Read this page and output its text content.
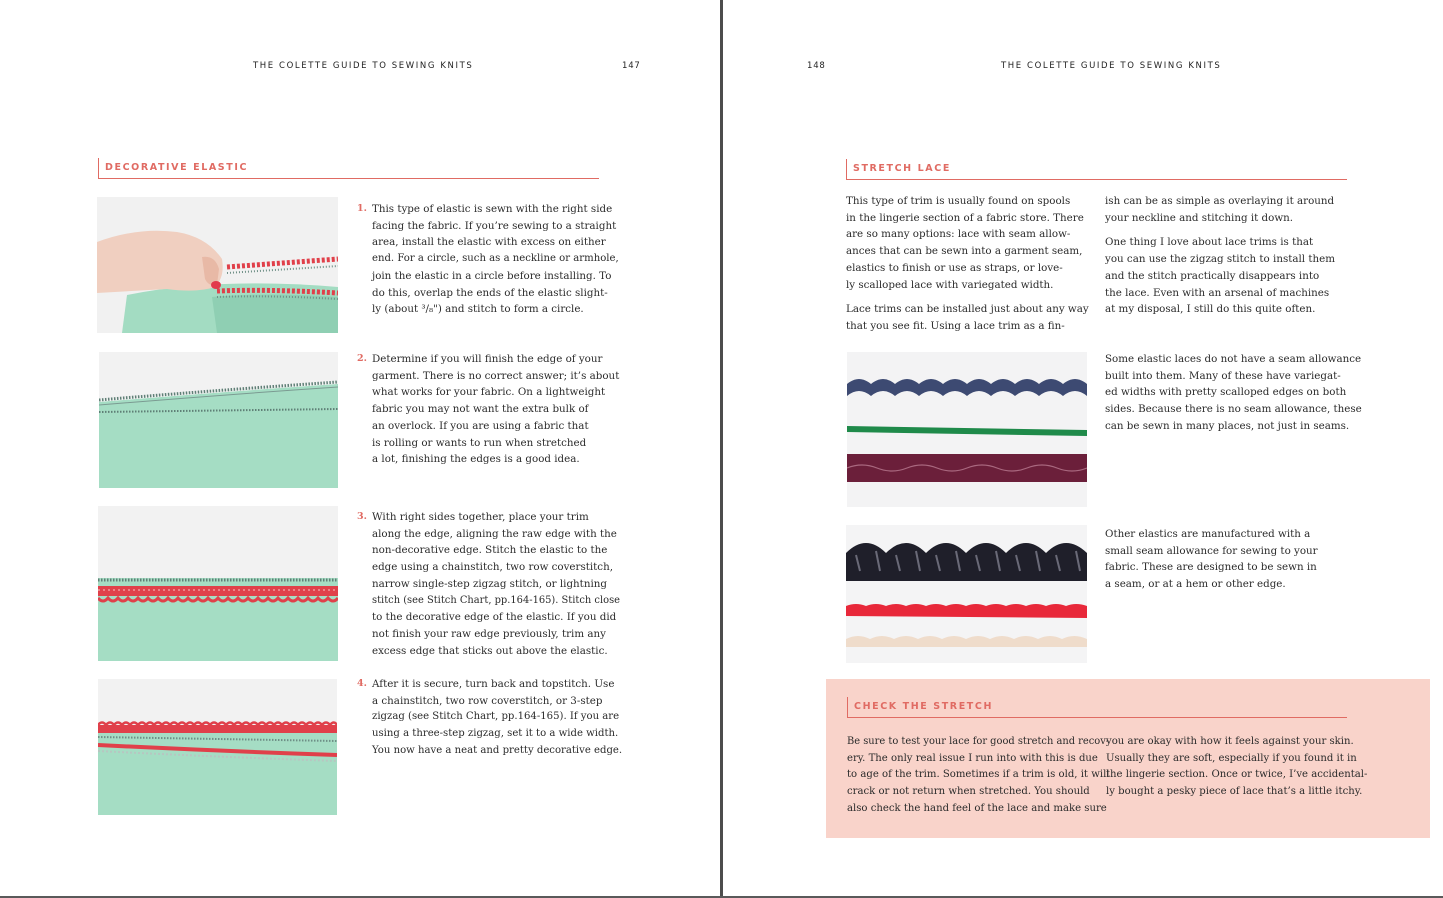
THE COLETTE GUIDE TO SEWING KNITS	147	148	THE COLETTE GUIDE TO SEWING KNITS
DECORATIVE ELASTIC
1. This type of elastic is sewn with the right side
facing the fabric. If you’re sewing to a straight
area, install the elastic with excess on either
end. For a circle, such as a neckline or armhole,
join the elastic in a circle before installing. To
do this, overlap the ends of the elastic slight-
ly (about ³/₈") and stitch to form a circle.
2. Determine if you will finish the edge of your
garment. There is no correct answer; it’s about
what works for your fabric. On a lightweight
fabric you may not want the extra bulk of
an overlock. If you are using a fabric that
is rolling or wants to run when stretched
a lot, finishing the edges is a good idea.
3. With right sides together, place your trim
along the edge, aligning the raw edge with the
non-decorative edge. Stitch the elastic to the
edge using a chainstitch, two row coverstitch,
narrow single-step zigzag stitch, or lightning
stitch (see Stitch Chart, pp.164-165). Stitch close
to the decorative edge of the elastic. If you did
not finish your raw edge previously, trim any
excess edge that sticks out above the elastic.
4. After it is secure, turn back and topstitch. Use
a chainstitch, two row coverstitch, or 3-step
zigzag (see Stitch Chart, pp.164-165). If you are
using a three-step zigzag, set it to a wide width.
You now have a neat and pretty decorative edge.
STRETCH LACE
This type of trim is usually found on spools
in the lingerie section of a fabric store. There
are so many options: lace with seam allow-
ances that can be sewn into a garment seam,
elastics to finish or use as straps, or love-
ly scalloped lace with variegated width.
Lace trims can be installed just about any way
that you see fit. Using a lace trim as a fin-
ish can be as simple as overlaying it around
your neckline and stitching it down.
One thing I love about lace trims is that
you can use the zigzag stitch to install them
and the stitch practically disappears into
the lace. Even with an arsenal of machines
at my disposal, I still do this quite often.
Some elastic laces do not have a seam allowance
built into them. Many of these have variegat-
ed widths with pretty scalloped edges on both
sides. Because there is no seam allowance, these
can be sewn in many places, not just in seams.
Other elastics are manufactured with a
small seam allowance for sewing to your
fabric. These are designed to be sewn in
a seam, or at a hem or other edge.
CHECK THE STRETCH
Be sure to test your lace for good stretch and recov-
ery. The only real issue I run into with this is due
to age of the trim. Sometimes if a trim is old, it will
crack or not return when stretched. You should
also check the hand feel of the lace and make sure
you are okay with how it feels against your skin.
Usually they are soft, especially if you found it in
the lingerie section. Once or twice, I’ve accidental-
ly bought a pesky piece of lace that’s a little itchy.
